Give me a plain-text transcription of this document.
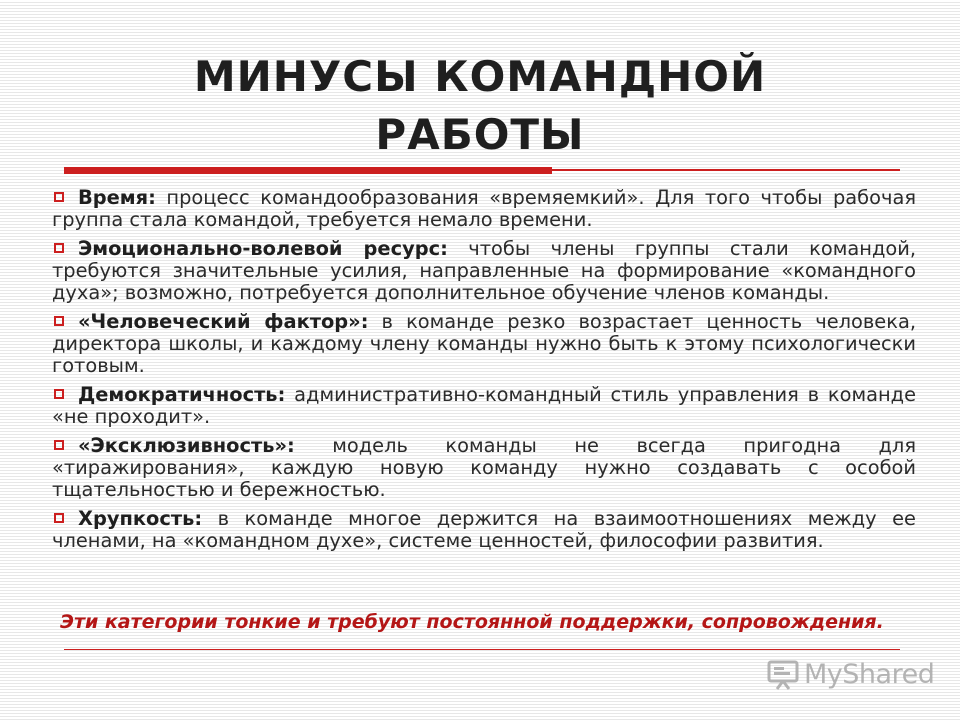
МИНУСЫ КОМАНДНОЙ
РАБОТЫ
Время: процесс командообразования «времяемкий». Для того чтобы рабочая группа стала командой, требуется немало времени.
Эмоционально-волевой ресурс: чтобы члены группы стали командой, требуются значительные усилия, направленные на формирование «командного духа»; возможно, потребуется дополнительное обучение членов команды.
«Человеческий фактор»: в команде резко возрастает ценность человека, директора школы, и каждому члену команды нужно быть к этому психологически готовым.
Демократичность: административно-командный стиль управления в команде «не проходит».
«Эксклюзивность»: модель команды не всегда пригодна для «тиражирования», каждую новую команду нужно создавать с особой тщательностью и бережностью.
Хрупкость: в команде многое держится на взаимоотношениях между ее членами, на «командном духе», системе ценностей, философии развития.
Эти категории тонкие и требуют постоянной поддержки, сопровождения.
MyShared
